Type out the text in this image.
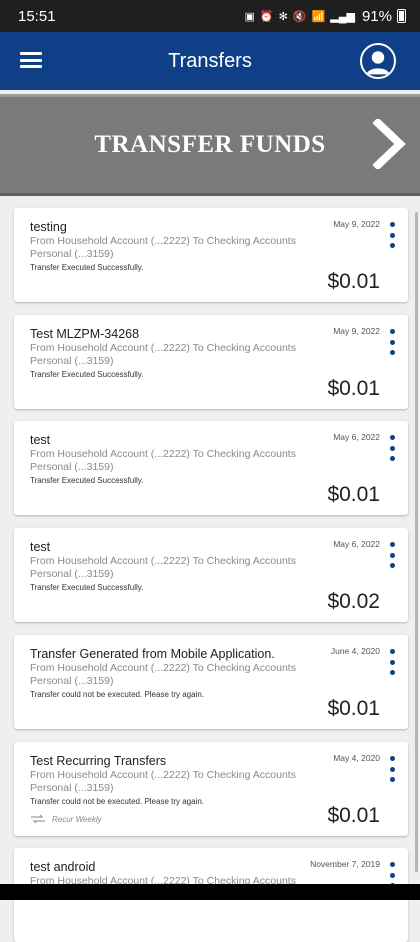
15:51	▣ ⏰ ✻ 🔇 📶 ▂▄▆ 91%
Transfers
TRANSFER FUNDS
testing
From Household Account (...2222) To Checking Accounts Personal (...3159)
Transfer Executed Successfully.
May 9, 2022
$0.01
Test MLZPM-34268
From Household Account (...2222) To Checking Accounts Personal (...3159)
Transfer Executed Successfully.
May 9, 2022
$0.01
test
From Household Account (...2222) To Checking Accounts Personal (...3159)
Transfer Executed Successfully.
May 6, 2022
$0.01
test
From Household Account (...2222) To Checking Accounts Personal (...3159)
Transfer Executed Successfully.
May 6, 2022
$0.02
Transfer Generated from Mobile Application.
From Household Account (...2222) To Checking Accounts Personal (...3159)
Transfer could not be executed. Please try again.
June 4, 2020
$0.01
Test Recurring Transfers
From Household Account (...2222) To Checking Accounts Personal (...3159)
Transfer could not be executed. Please try again.
Recur Weekly
May 4, 2020
$0.01
test android
From Household Account (...2222) To Checking Accounts
November 7, 2019
